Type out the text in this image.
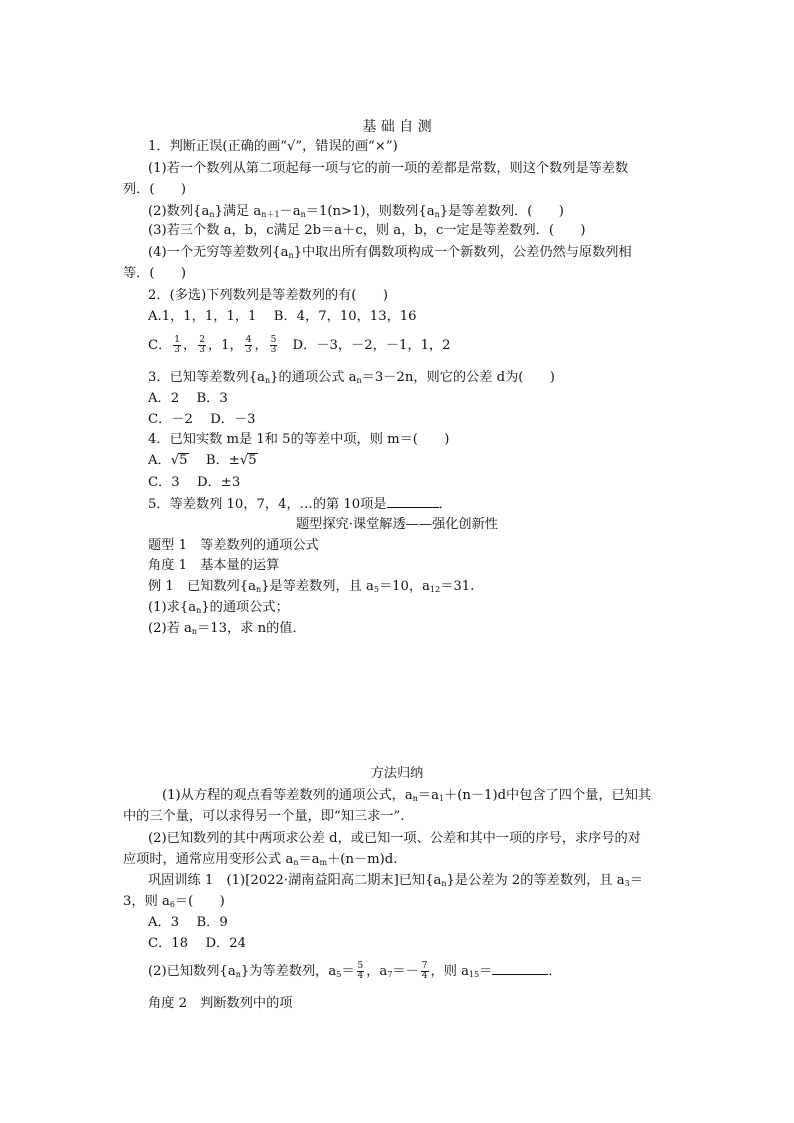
基 础 自 测
1．判断正误(正确的画“√”，错误的画“×”)
(1)若一个数列从第二项起每一项与它的前一项的差都是常数，则这个数列是等差数
列．(　　)
(2)数列$\{a_n\}$满足 $a_{n+1}-a_n=1(n>1)$，则数列$\{a_n\}$是等差数列．(　　)
(3)若三个数 a，b，c满足 2b＝a＋c，则 a，b，c一定是等差数列．(　　)
(4)一个无穷等差数列$\{a_n\}$中取出所有偶数项构成一个新数列，公差仍然与原数列相
等．(　　)
2．(多选)下列数列是等差数列的有(　　)
A.1，1，1，1，1　 B．4，7，10，13，16
C． $\frac{1}{3}$ ， $\frac{2}{3}$ ，1， $\frac{4}{3}$ ， $\frac{5}{3}$ 　D．－3，－2，－1，1，2
3．已知等差数列$\{a_n\}$的通项公式 $a_n=3-2n$，则它的公差 d为(　　)
A．2　 B．3
C．－2　 D．－3
4．已知实数 m是 1和 5的等差中项，则 m＝(　　)
A．√5　 B．±√5
C．3　 D．±3
5．等差数列 10，7，4，…的第 10项是	．
题型探究·课堂解透——强化创新性
题型 1　等差数列的通项公式
角度 1　基本量的运算
例 1　已知数列$\{a_n\}$是等差数列，且 $a_5=10$，$a_{12}=31$.
(1)求$\{a_n\}$的通项公式；
(2)若 $a_n=13$，求 n的值．
方法归纳
(1)从方程的观点看等差数列的通项公式，$a_n=a_1+(n-1)d$中包含了四个量，已知其
中的三个量，可以求得另一个量，即“知三求一”.
(2)已知数列的其中两项求公差 d，或已知一项、公差和其中一项的序号，求序号的对
应项时，通常应用变形公式 $a_n=a_m+(n-m)d$.
巩固训练 1　(1)[2022·湖南益阳高二期末]已知$\{a_n\}$是公差为 2的等差数列，且 $a_3=$
3，则 $a_6=$(　　)
A．3　 B．9
C．18　 D．24
(2)已知数列$\{a_n\}$为等差数列，$a_5= \frac{5}{4}$ ，$a_7=- \frac{7}{4}$ ，则 $a_{15}=$	．
角度 2　判断数列中的项
